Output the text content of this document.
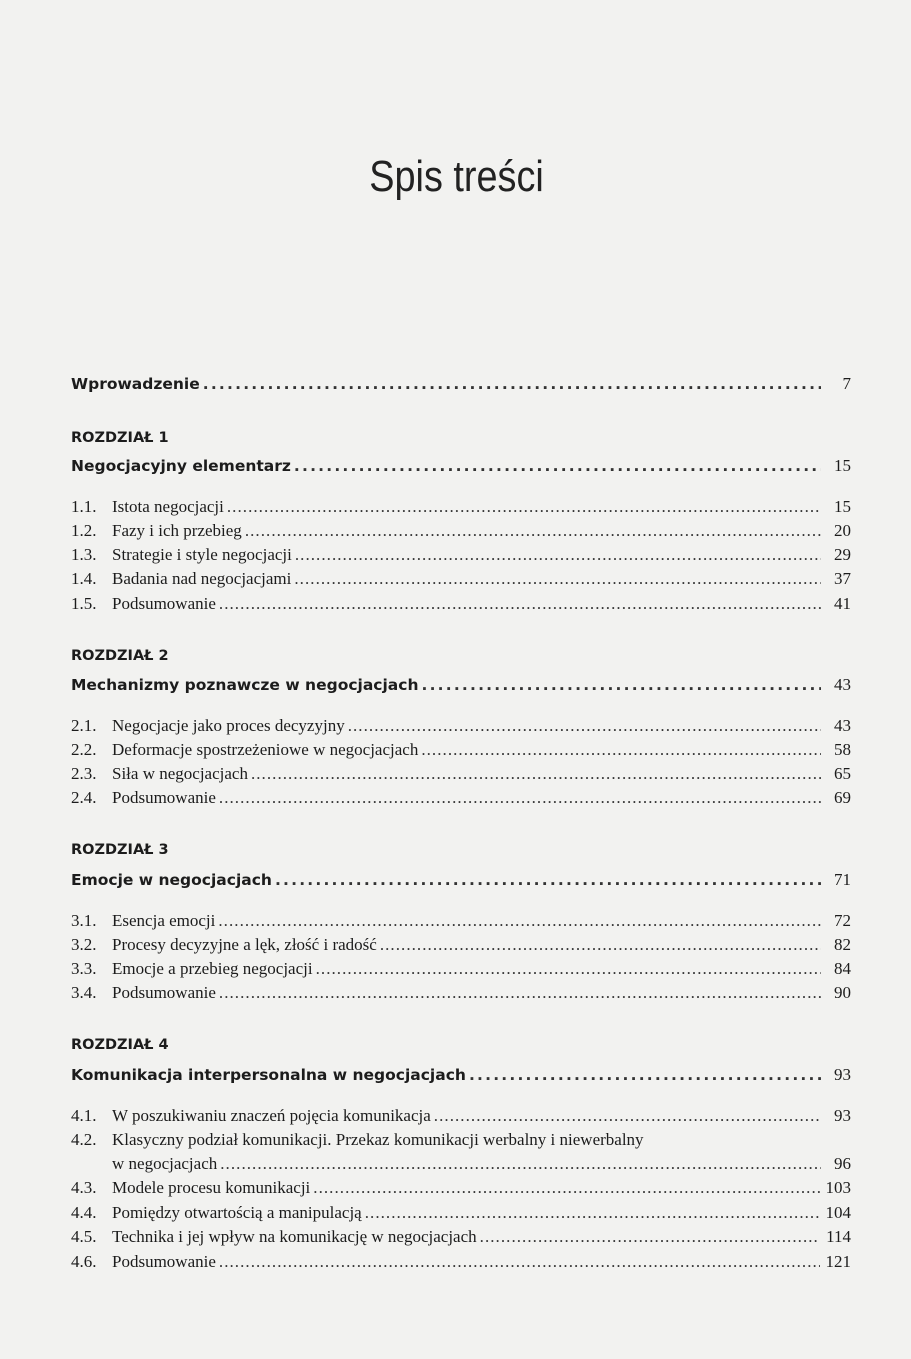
Spis treści
Wprowadzenie . . .	7
ROZDZIAŁ 1
Negocjacyjny elementarz . . .	15
1.1. Istota negocjacji . . .	15
1.2. Fazy i ich przebieg . . .	20
1.3. Strategie i style negocjacji . . .	29
1.4. Badania nad negocjacjami . . .	37
1.5. Podsumowanie . . .	41
ROZDZIAŁ 2
Mechanizmy poznawcze w negocjacjach . . .	43
2.1. Negocjacje jako proces decyzyjny . . .	43
2.2. Deformacje spostrzeżeniowe w negocjacjach . . .	58
2.3. Siła w negocjacjach . . .	65
2.4. Podsumowanie . . .	69
ROZDZIAŁ 3
Emocje w negocjacjach . . .	71
3.1. Esencja emocji . . .	72
3.2. Procesy decyzyjne a lęk, złość i radość . . .	82
3.3. Emocje a przebieg negocjacji . . .	84
3.4. Podsumowanie . . .	90
ROZDZIAŁ 4
Komunikacja interpersonalna w negocjacjach . . .	93
4.1. W poszukiwaniu znaczeń pojęcia komunikacja . . .	93
4.2. Klasyczny podział komunikacji. Przekaz komunikacji werbalny i niewerbalny
w negocjacjach . . .	96
4.3. Modele procesu komunikacji . . .	103
4.4. Pomiędzy otwartością a manipulacją . . .	104
4.5. Technika i jej wpływ na komunikację w negocjacjach . . .	114
4.6. Podsumowanie . . .	121
